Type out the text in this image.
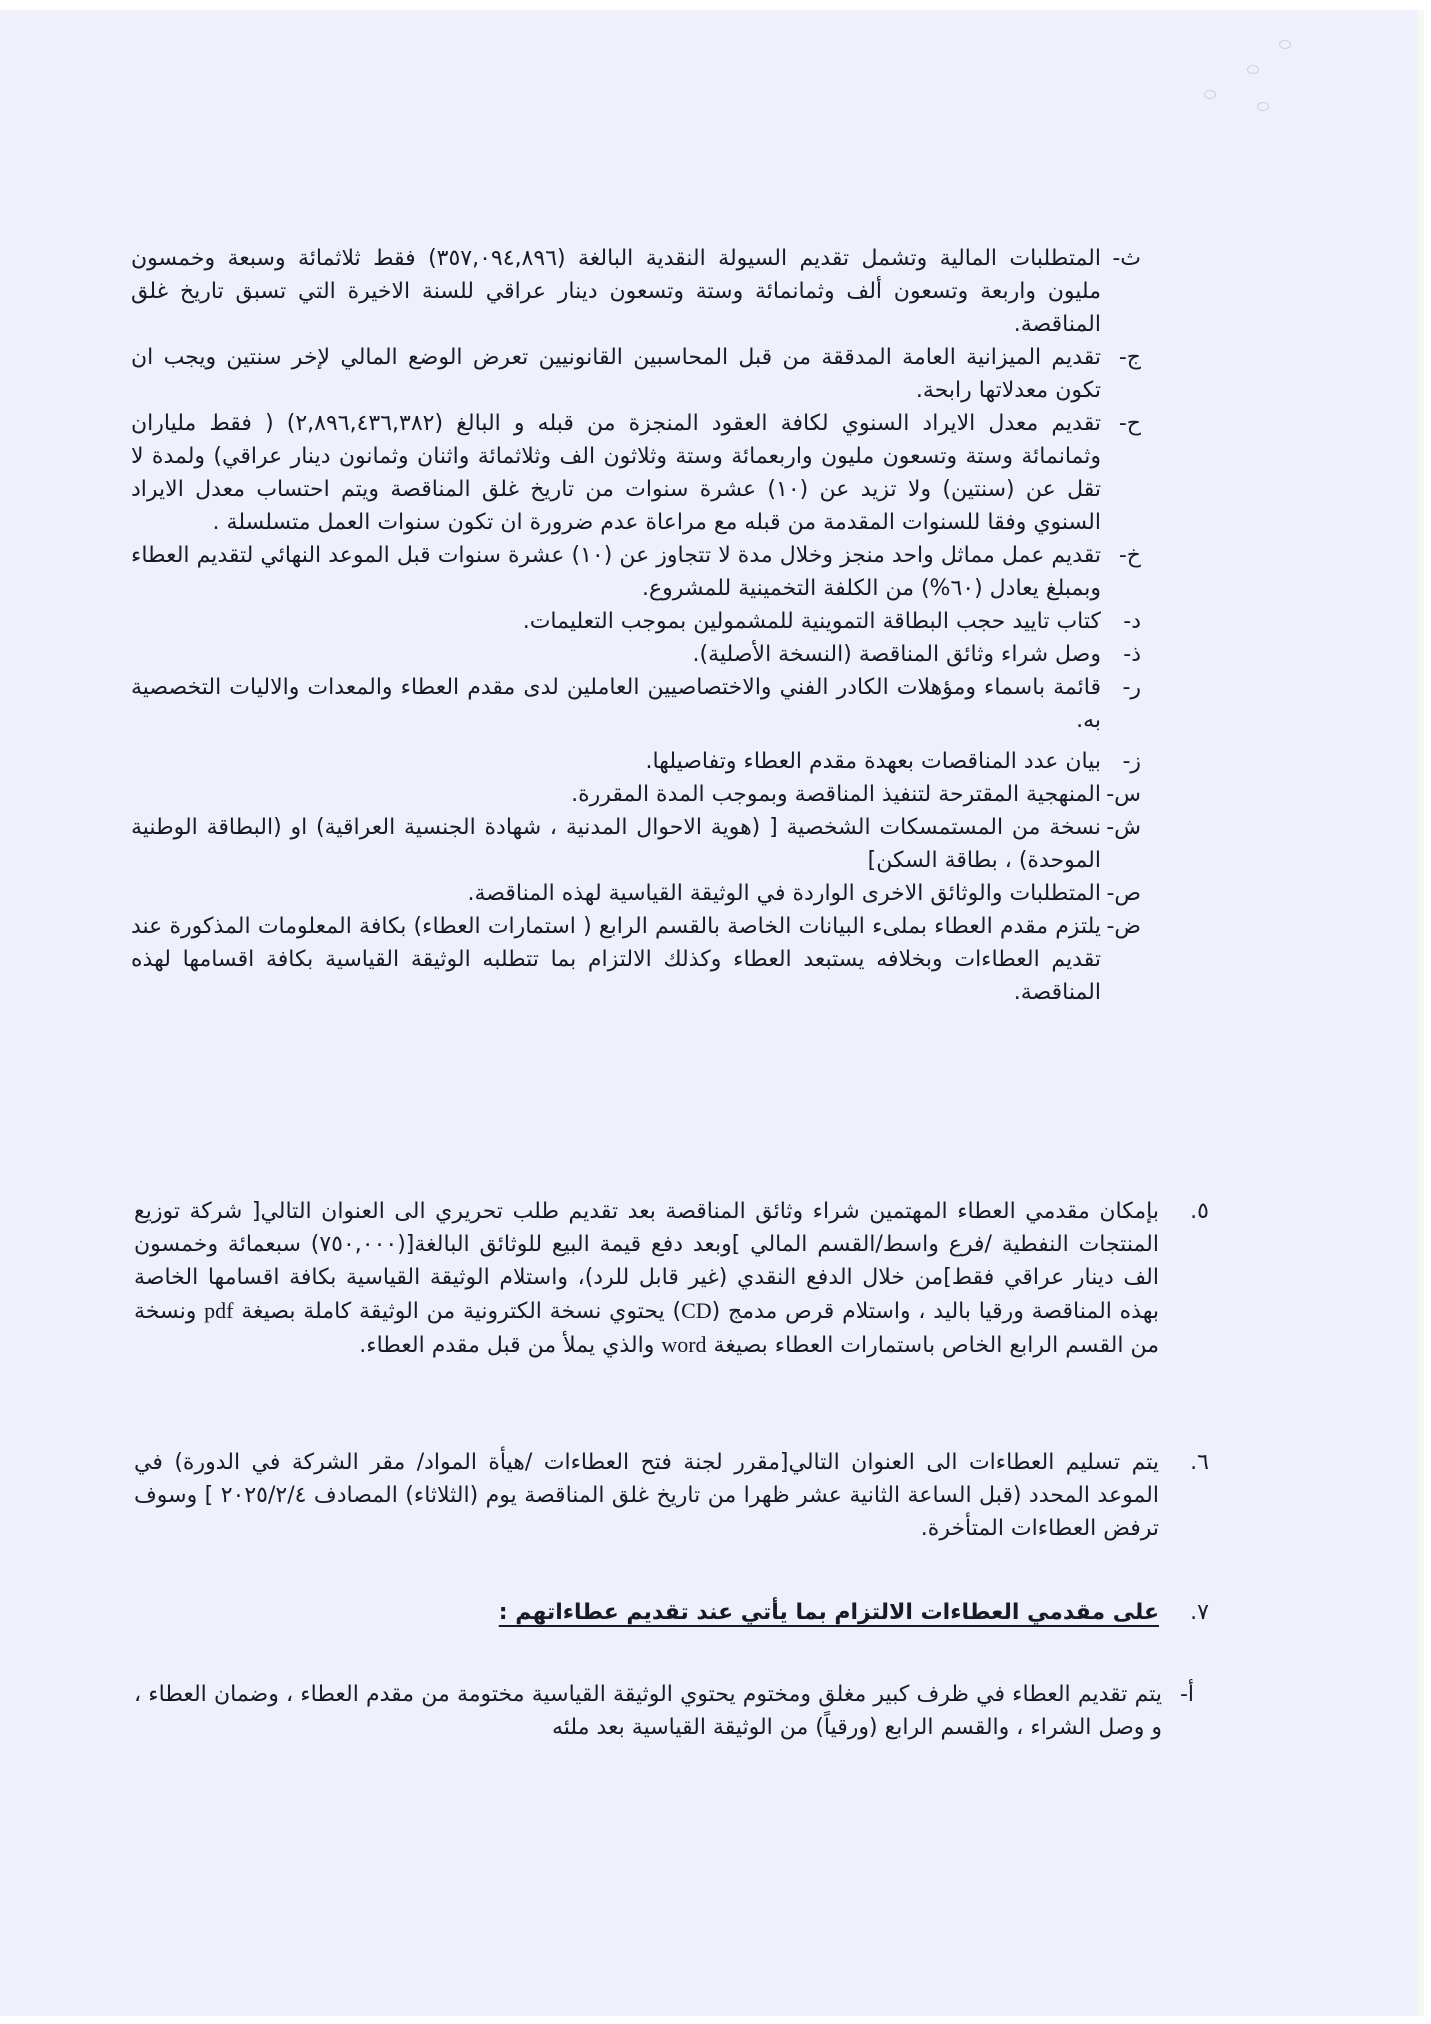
ث-
المتطلبات المالية وتشمل تقديم السيولة النقدية البالغة (٣٥٧,٠٩٤,٨٩٦) فقط ثلاثمائة وسبعة وخمسون مليون واربعة وتسعون ألف وثمانمائة وستة وتسعون دينار عراقي للسنة الاخيرة التي تسبق تاريخ غلق المناقصة.
ج-
تقديم الميزانية العامة المدققة من قبل المحاسبين القانونيين تعرض الوضع المالي لإخر سنتين ويجب ان تكون معدلاتها رابحة.
ح-
تقديم معدل الايراد السنوي لكافة العقود المنجزة من قبله و البالغ (٢,٨٩٦,٤٣٦,٣٨٢) ( فقط ملياران وثمانمائة وستة وتسعون مليون واربعمائة وستة وثلاثون الف وثلاثمائة واثنان وثمانون دينار عراقي) ولمدة لا تقل عن (سنتين) ولا تزيد عن (١٠) عشرة سنوات من تاريخ غلق المناقصة ويتم احتساب معدل الايراد السنوي وفقا للسنوات المقدمة من قبله مع مراعاة عدم ضرورة ان تكون سنوات العمل متسلسلة .
خ-
تقديم عمل مماثل واحد منجز وخلال مدة لا تتجاوز عن (١٠) عشرة سنوات قبل الموعد النهائي لتقديم العطاء وبمبلغ يعادل (٦٠%) من الكلفة التخمينية للمشروع.
د-
كتاب تاييد حجب البطاقة التموينية للمشمولين بموجب التعليمات.
ذ-
وصل شراء وثائق المناقصة (النسخة الأصلية).
ر-
قائمة باسماء ومؤهلات الكادر الفني والاختصاصيين العاملين لدى مقدم العطاء والمعدات والاليات التخصصية به.
ز-
بيان عدد المناقصات بعهدة مقدم العطاء وتفاصيلها.
س-
المنهجية المقترحة لتنفيذ المناقصة وبموجب المدة المقررة.
ش-
نسخة من المستمسكات الشخصية [ (هوية الاحوال المدنية ، شهادة الجنسية العراقية) او (البطاقة الوطنية الموحدة) ، بطاقة السكن]
ص-
المتطلبات والوثائق الاخرى الواردة في الوثيقة القياسية لهذه المناقصة.
ض-
يلتزم مقدم العطاء بملىء البيانات الخاصة بالقسم الرابع ( استمارات العطاء) بكافة المعلومات المذكورة عند تقديم العطاءات وبخلافه يستبعد العطاء وكذلك الالتزام بما تتطلبه الوثيقة القياسية بكافة اقسامها لهذه المناقصة.
٥.
بإمكان مقدمي العطاء المهتمين شراء وثائق المناقصة بعد تقديم طلب تحريري الى العنوان التالي[ شركة توزيع المنتجات النفطية /فرع واسط/القسم المالي ]وبعد دفع قيمة البيع للوثائق البالغة[(٧٥٠,٠٠٠) سبعمائة وخمسون الف دينار عراقي فقط]من خلال الدفع النقدي (غير قابل للرد)، واستلام الوثيقة القياسية بكافة اقسامها الخاصة بهذه المناقصة ورقيا باليد ، واستلام قرص مدمج (CD) يحتوي نسخة الكترونية من الوثيقة كاملة بصيغة pdf ونسخة من القسم الرابع الخاص باستمارات العطاء بصيغة word والذي يملأ من قبل مقدم العطاء.
٦.
يتم تسليم العطاءات الى العنوان التالي[مقرر لجنة فتح العطاءات /هيأة المواد/ مقر الشركة في الدورة) في الموعد المحدد (قبل الساعة الثانية عشر ظهرا من تاريخ غلق المناقصة يوم (الثلاثاء) المصادف ٢٠٢٥/٢/٤ ] وسوف ترفض العطاءات المتأخرة.
٧.
على مقدمي العطاءات الالتزام بما يأتي عند تقديم عطاءاتهم :
أ-
يتم تقديم العطاء في ظرف كبير مغلق ومختوم يحتوي الوثيقة القياسية مختومة من مقدم العطاء ، وضمان العطاء ، و وصل الشراء ، والقسم الرابع (ورقياً) من الوثيقة القياسية بعد ملئه
